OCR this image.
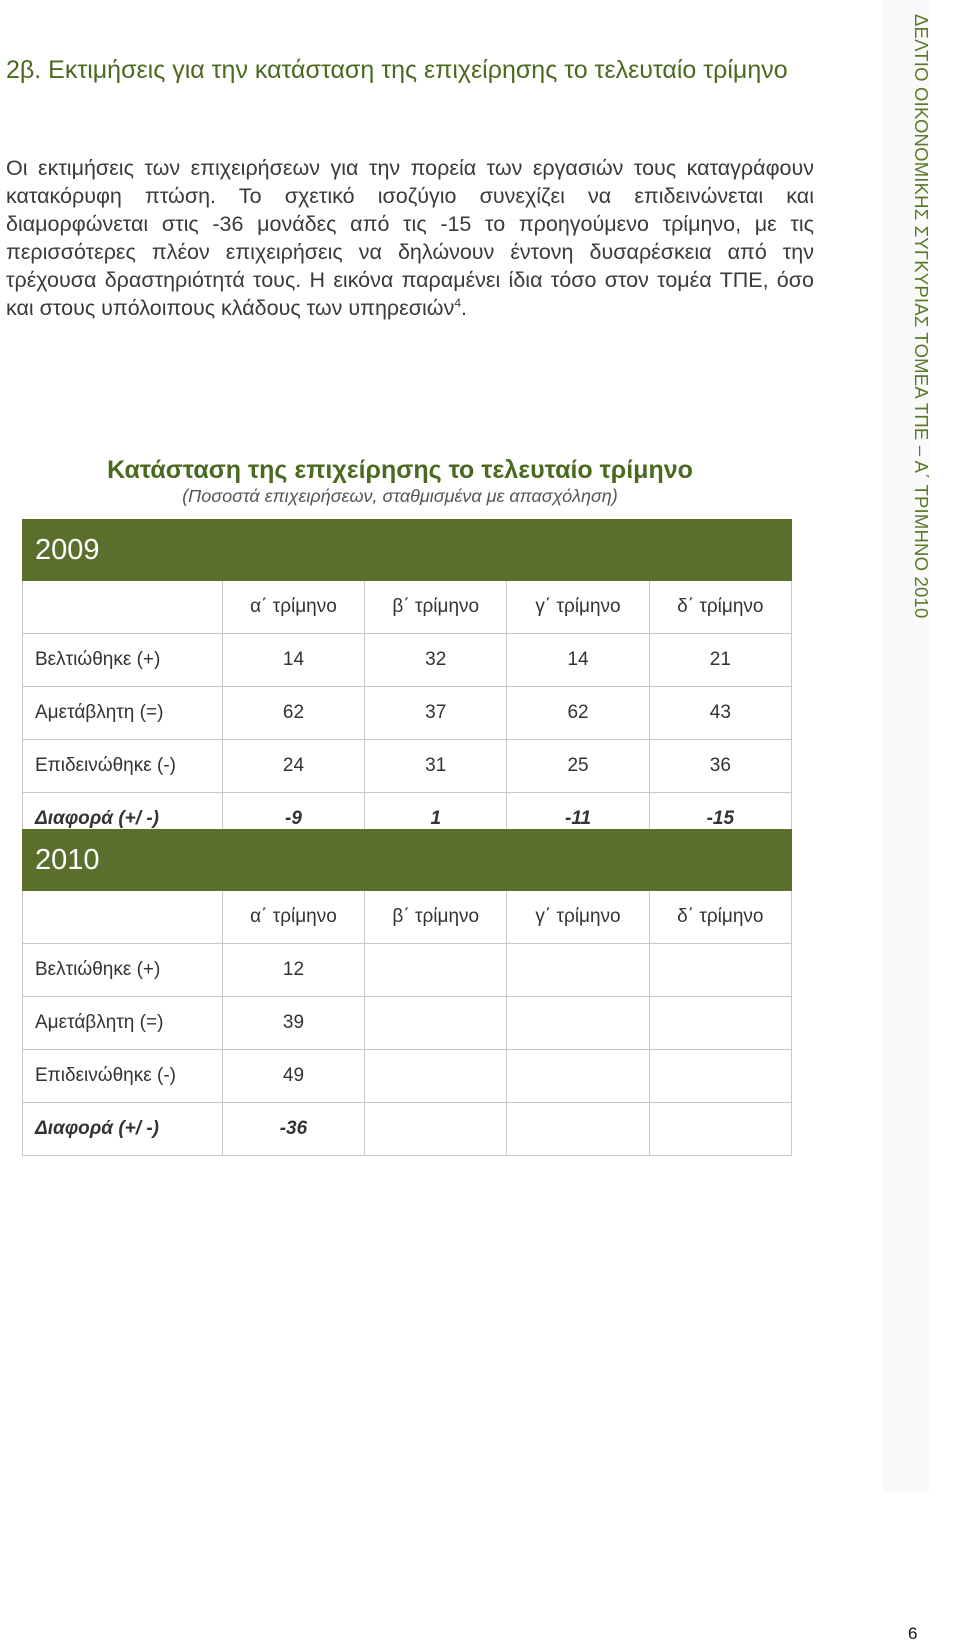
2β. Εκτιμήσεις για την κατάσταση της επιχείρησης το τελευταίο τρίμηνο

Οι εκτιμήσεις των επιχειρήσεων για την πορεία των εργασιών τους καταγράφουν κατακόρυφη πτώση. Το σχετικό ισοζύγιο συνεχίζει να επιδεινώνεται και διαμορφώνεται στις -36 μονάδες από τις -15 το προηγούμενο τρίμηνο, με τις περισσότερες πλέον επιχειρήσεις να δηλώνουν έντονη δυσαρέσκεια από την τρέχουσα δραστηριότητά τους. Η εικόνα παραμένει ίδια τόσο στον τομέα ΤΠΕ, όσο και στους υπόλοιπους κλάδους των υπηρεσιών$^4$.

Κατάσταση της επιχείρησης το τελευταίο τρίμηνο
(Ποσοστά επιχειρήσεων, σταθμισμένα με απασχόληση)
2009				
	α΄ τρίμηνο	β΄ τρίμηνο	γ΄ τρίμηνο	δ΄ τρίμηνο
Βελτιώθηκε (+)	14	32	14	21
Αμετάβλητη (=)	62	37	62	43
Επιδεινώθηκε (-)	24	31	25	36
Διαφορά (+/ -)	-9	1	-11	-15
2010				
	α΄ τρίμηνο	β΄ τρίμηνο	γ΄ τρίμηνο	δ΄ τρίμηνο
Βελτιώθηκε (+)	12			
Αμετάβλητη (=)	39			
Επιδεινώθηκε (-)	49			
Διαφορά (+/ -)	-36			
ΔΕΛΤΙΟ ΟΙΚΟΝΟΜΙΚΗΣ ΣΥΓΚΥΡΙΑΣ ΤΟΜΕΑ ΤΠΕ – Α΄ ΤΡΙΜΗΝΟ 2010
6
